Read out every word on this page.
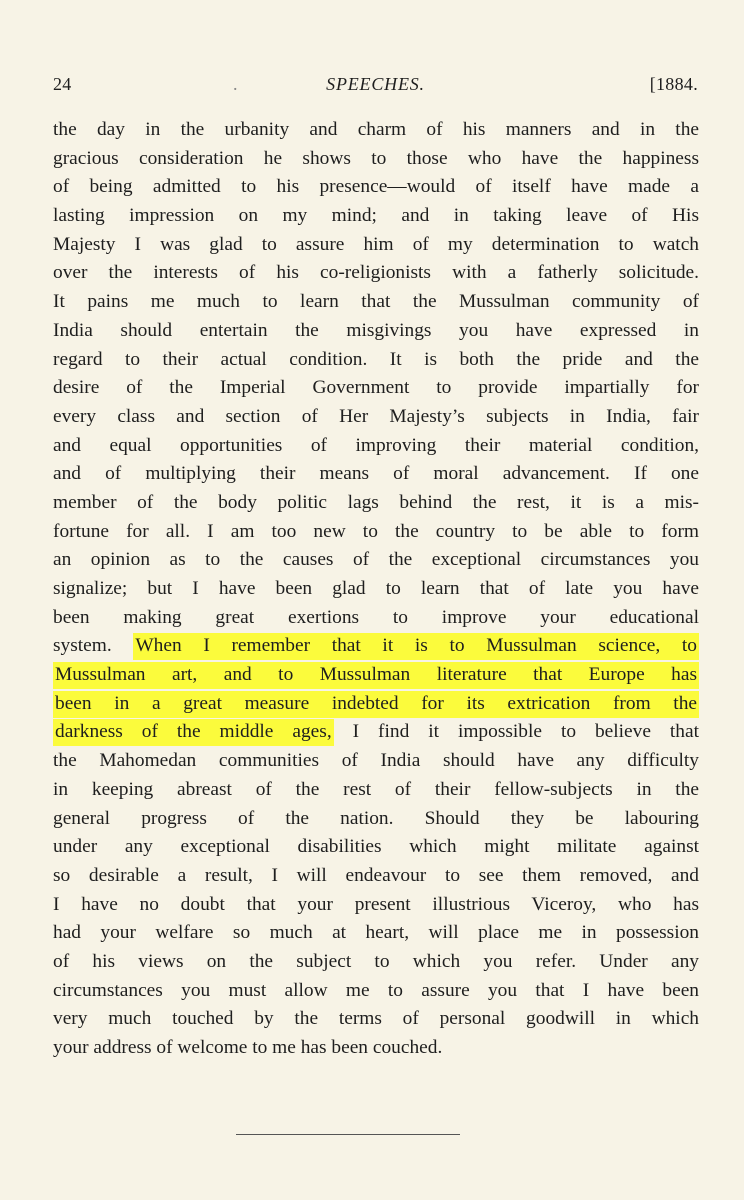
24	.	SPEECHES.	[1884.
the day in the urbanity and charm of his manners and in the
gracious consideration he shows to those who have the happiness
of being admitted to his presence—would of itself have made a
lasting impression on my mind; and in taking leave of His
Majesty I was glad to assure him of my determination to watch
over the interests of his co-religionists with a fatherly solicitude.
It pains me much to learn that the Mussulman community of
India should entertain the misgivings you have expressed in
regard to their actual condition. It is both the pride and the
desire of the Imperial Government to provide impartially for
every class and section of Her Majesty’s subjects in India, fair
and equal opportunities of improving their material condition,
and of multiplying their means of moral advancement. If one
member of the body politic lags behind the rest, it is a mis-
fortune for all. I am too new to the country to be able to form
an opinion as to the causes of the exceptional circumstances you
signalize; but I have been glad to learn that of late you have
been making great exertions to improve your educational
system. When I remember that it is to Mussulman science, to
Mussulman art, and to Mussulman literature that Europe has
been in a great measure indebted for its extrication from the
darkness of the middle ages, I find it impossible to believe that
the Mahomedan communities of India should have any difficulty
in keeping abreast of the rest of their fellow-subjects in the
general progress of the nation. Should they be labouring
under any exceptional disabilities which might militate against
so desirable a result, I will endeavour to see them removed, and
I have no doubt that your present illustrious Viceroy, who has
had your welfare so much at heart, will place me in possession
of his views on the subject to which you refer. Under any
circumstances you must allow me to assure you that I have been
very much touched by the terms of personal goodwill in which
your address of welcome to me has been couched.
